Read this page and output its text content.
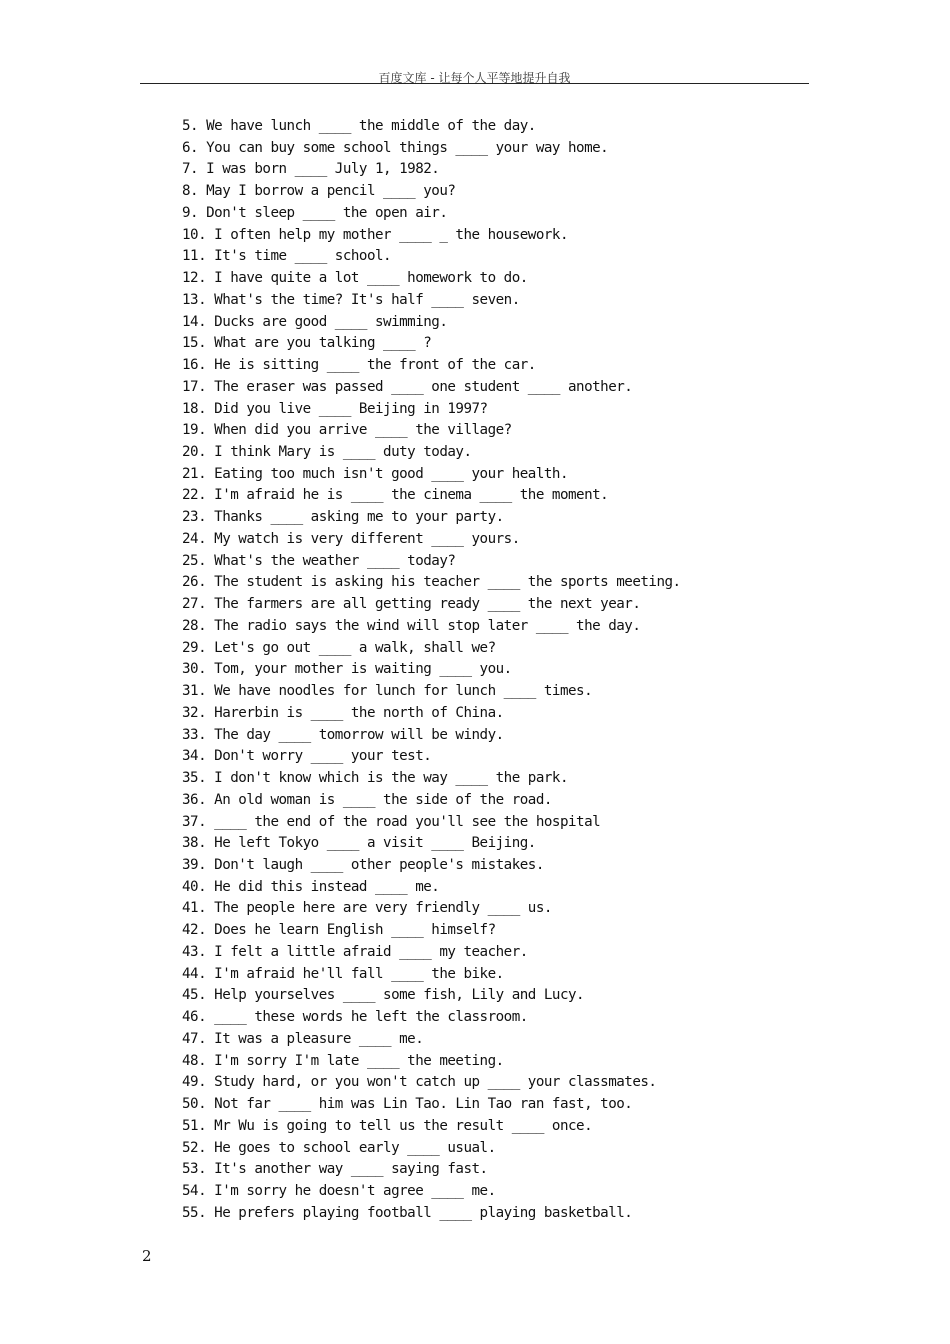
百度文库 - 让每个人平等地提升自我
5. We have lunch ____ the middle of the day.
6. You can buy some school things ____ your way home.
7. I was born ____ July 1, 1982.
8. May I borrow a pencil ____ you?
9. Don't sleep ____ the open air.
10. I often help my mother ____ _ the housework.
11. It's time ____ school.
12. I have quite a lot ____ homework to do.
13. What's the time? It's half ____ seven.
14. Ducks are good ____ swimming.
15. What are you talking ____ ?
16. He is sitting ____ the front of the car.
17. The eraser was passed ____ one student ____ another.
18. Did you live ____ Beijing in 1997?
19. When did you arrive ____ the village?
20. I think Mary is ____ duty today.
21. Eating too much isn't good ____ your health.
22. I'm afraid he is ____ the cinema ____ the moment.
23. Thanks ____ asking me to your party.
24. My watch is very different ____ yours.
25. What's the weather ____ today?
26. The student is asking his teacher ____ the sports meeting.
27. The farmers are all getting ready ____ the next year.
28. The radio says the wind will stop later ____ the day.
29. Let's go out ____ a walk, shall we?
30. Tom, your mother is waiting ____ you.
31. We have noodles for lunch for lunch ____ times.
32. Harerbin is ____ the north of China.
33. The day ____ tomorrow will be windy.
34. Don't worry ____ your test.
35. I don't know which is the way ____ the park.
36. An old woman is ____ the side of the road.
37. ____ the end of the road you'll see the hospital
38. He left Tokyo ____ a visit ____ Beijing.
39. Don't laugh ____ other people's mistakes.
40. He did this instead ____ me.
41. The people here are very friendly ____ us.
42. Does he learn English ____ himself?
43. I felt a little afraid ____ my teacher.
44. I'm afraid he'll fall ____ the bike.
45. Help yourselves ____ some fish, Lily and Lucy.
46. ____ these words he left the classroom.
47. It was a pleasure ____ me.
48. I'm sorry I'm late ____ the meeting.
49. Study hard, or you won't catch up ____ your classmates.
50. Not far ____ him was Lin Tao. Lin Tao ran fast, too.
51. Mr Wu is going to tell us the result ____ once.
52. He goes to school early ____ usual.
53. It's another way ____ saying fast.
54. I'm sorry he doesn't agree ____ me.
55. He prefers playing football ____ playing basketball.
2
